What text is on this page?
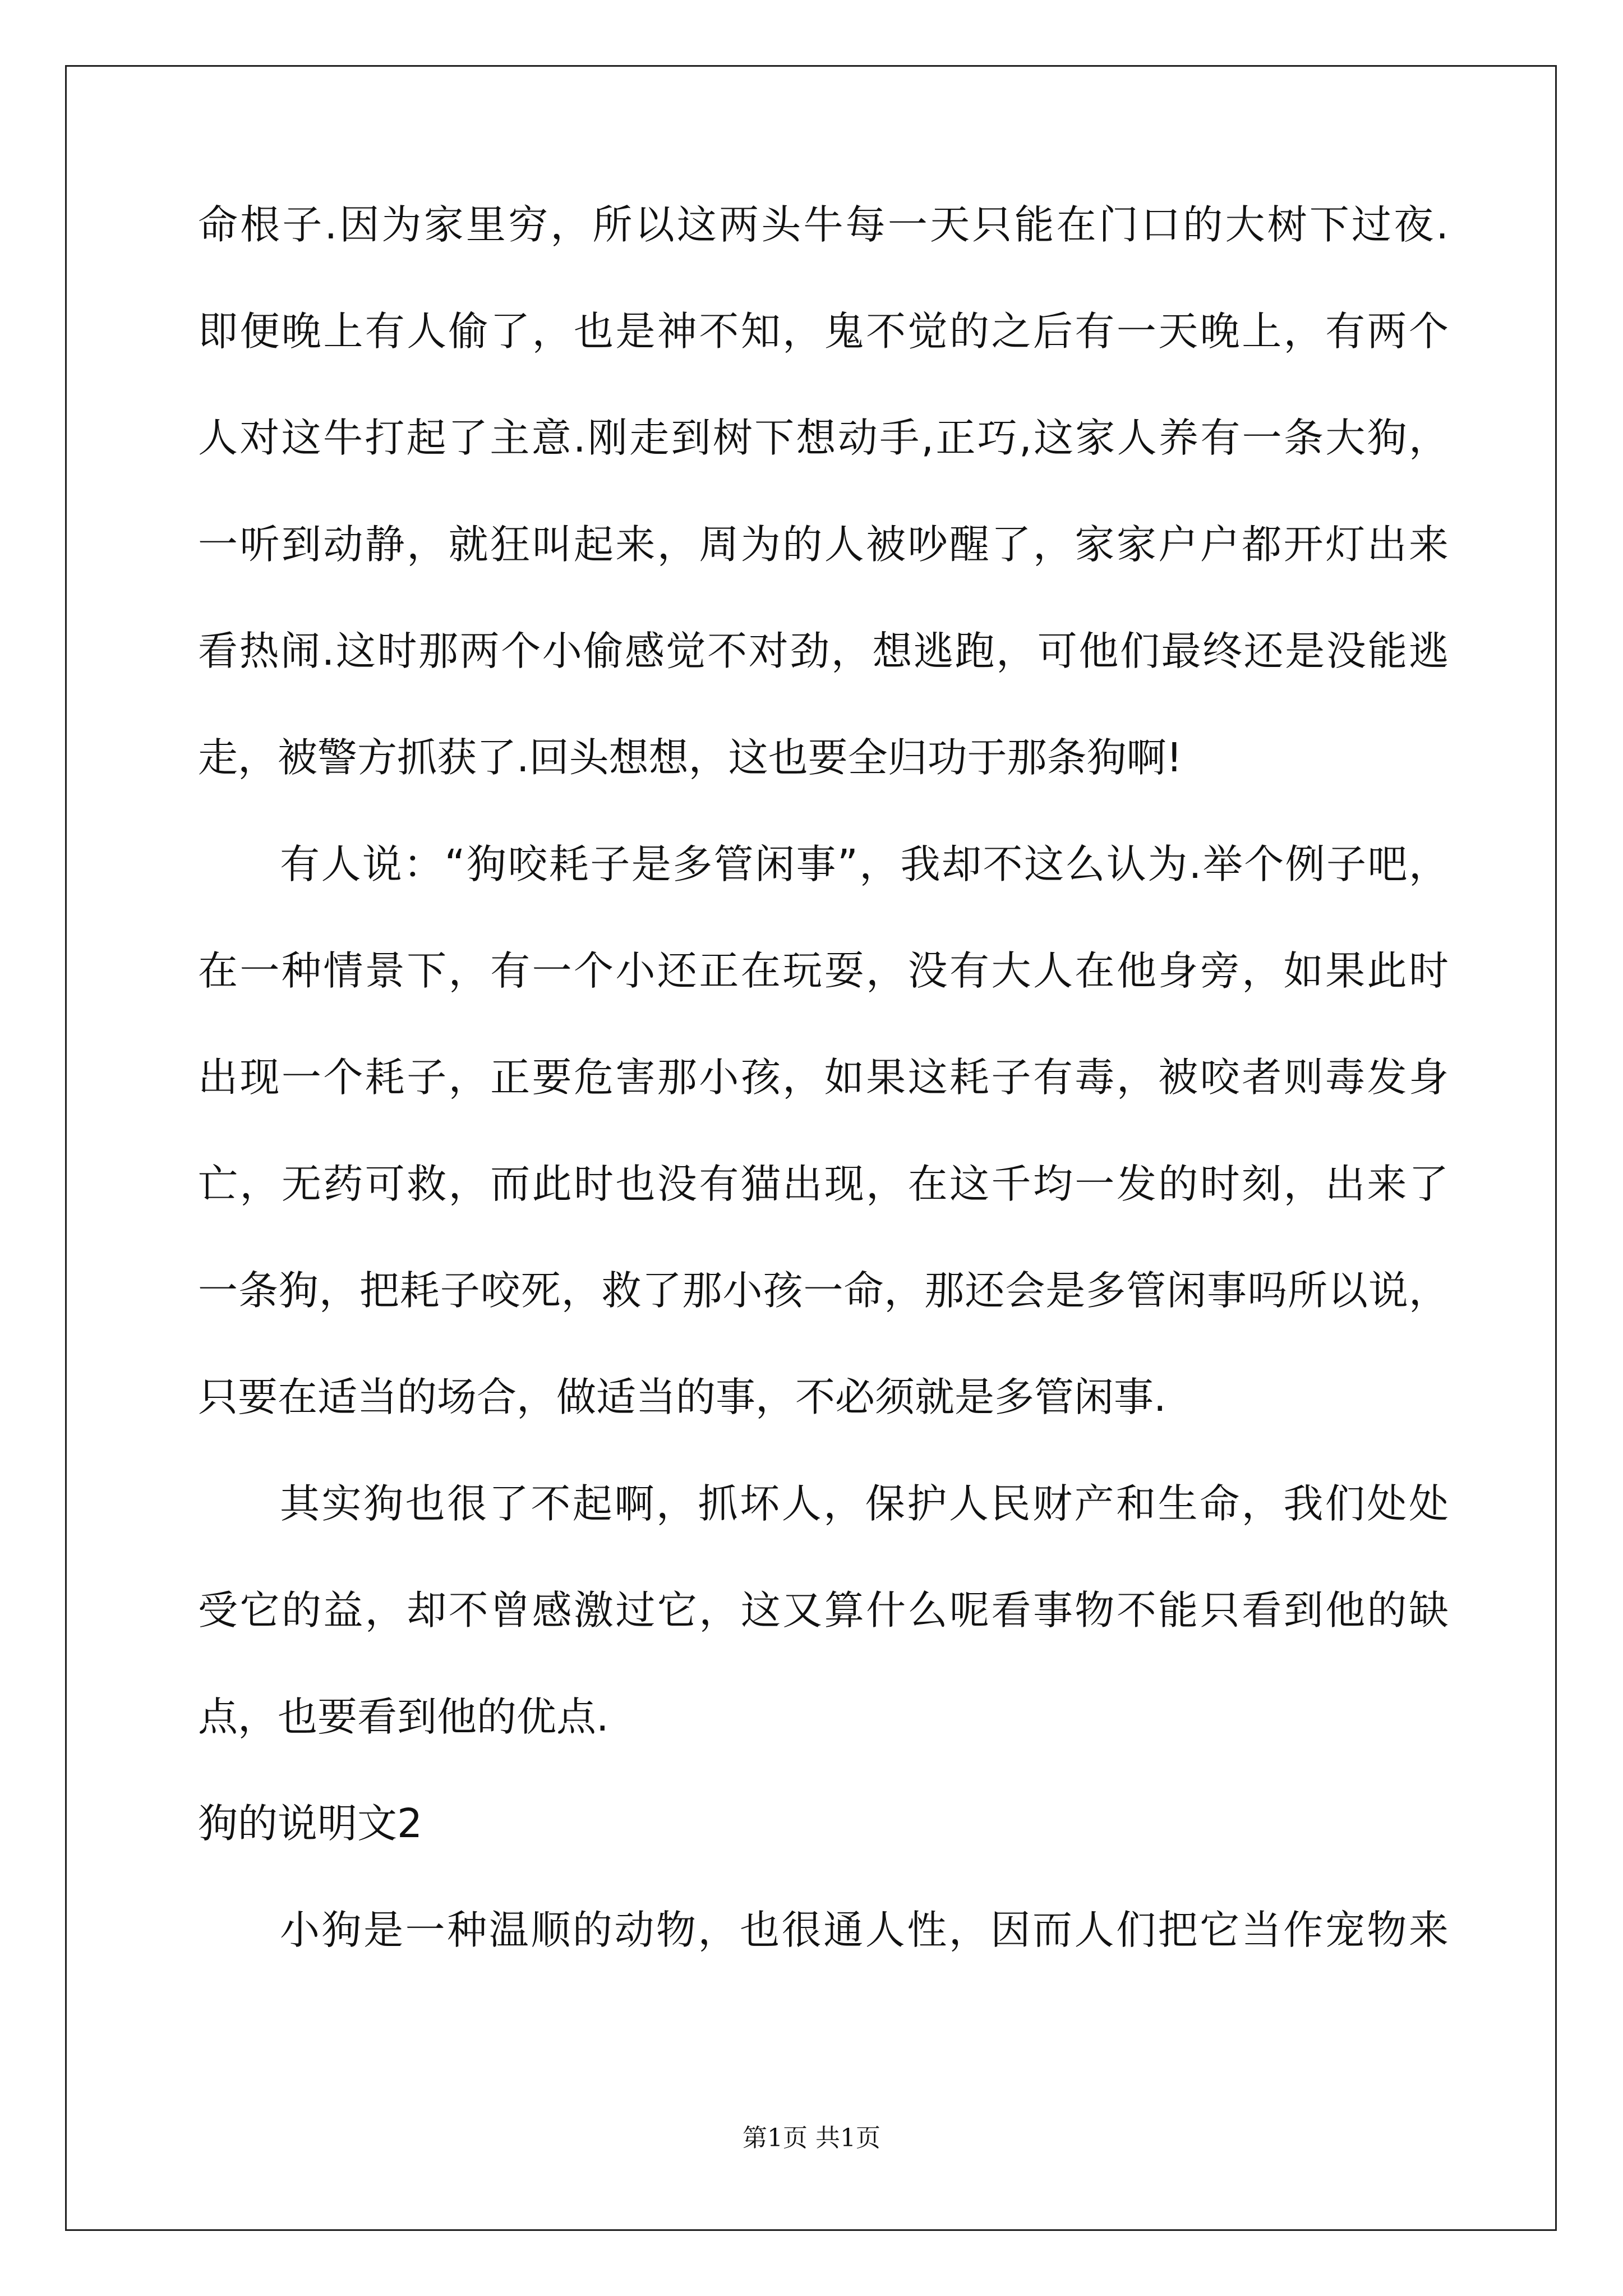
命根子.因为家里穷，所以这两头牛每一天只能在门口的大树下过夜.
即便晚上有人偷了，也是神不知，鬼不觉的之后有一天晚上，有两个
人对这牛打起了主意.刚走到树下想动手,正巧,这家人养有一条大狗，
一听到动静，就狂叫起来，周为的人被吵醒了，家家户户都开灯出来
看热闹.这时那两个小偷感觉不对劲，想逃跑，可他们最终还是没能逃
走，被警方抓获了.回头想想，这也要全归功于那条狗啊!
有人说：“狗咬耗子是多管闲事”，我却不这么认为.举个例子吧，
在一种情景下，有一个小还正在玩耍，没有大人在他身旁，如果此时
出现一个耗子，正要危害那小孩，如果这耗子有毒，被咬者则毒发身
亡，无药可救，而此时也没有猫出现，在这千均一发的时刻，出来了
一条狗，把耗子咬死，救了那小孩一命，那还会是多管闲事吗所以说，
只要在适当的场合，做适当的事，不必须就是多管闲事.
其实狗也很了不起啊，抓坏人，保护人民财产和生命，我们处处
受它的益，却不曾感激过它，这又算什么呢看事物不能只看到他的缺
点，也要看到他的优点.
狗的说明文2
小狗是一种温顺的动物，也很通人性，因而人们把它当作宠物来
第1页 共1页
